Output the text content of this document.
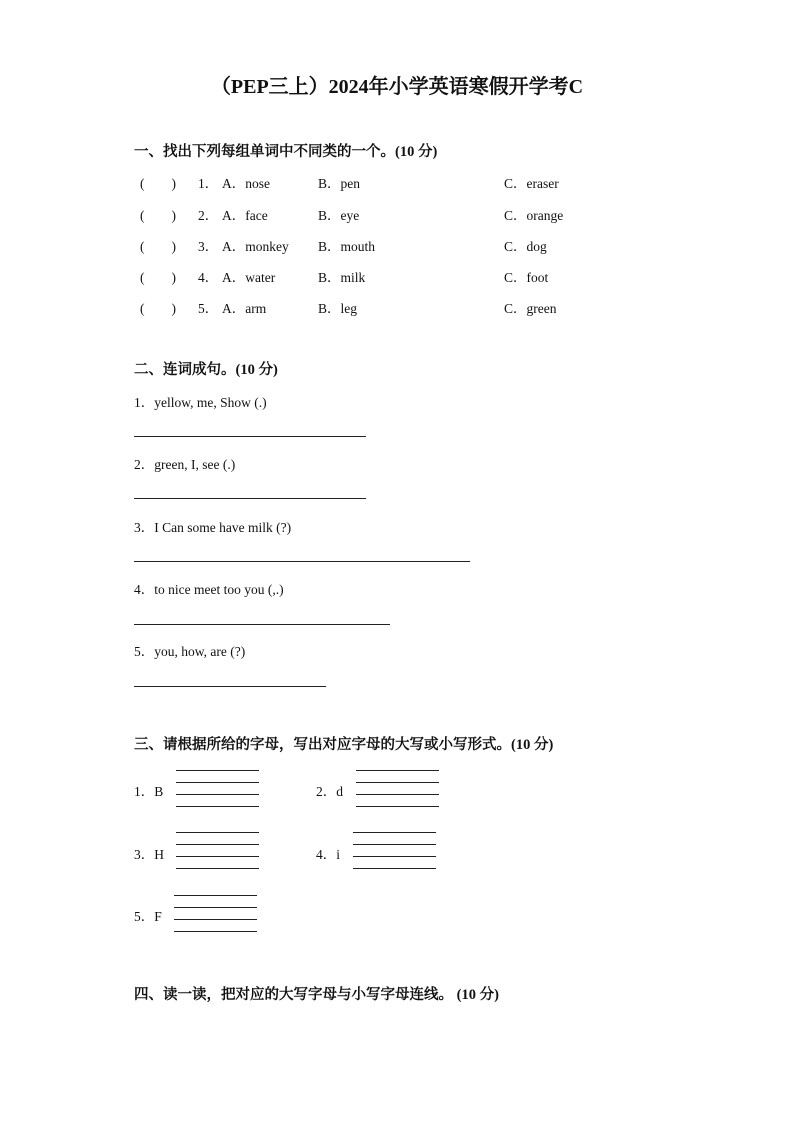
（PEP三上）2024年小学英语寒假开学考C
一、找出下列每组单词中不同类的一个。(10 分)
(　　) 1． A．nose	B．pen	C．eraser
(　　) 2． A．face	B．eye	C．orange
(　　) 3． A．monkey B．mouth	C．dog
(　　) 4． A．water	B．milk	C．foot
(　　) 5． A．arm	B．leg	C．green
二、连词成句。(10 分)
1．yellow, me, Show (.)
2．green, I, see (.)
3．I Can some have milk (?)
4．to nice meet too you (,.)
5．you, how, are (?)
三、请根据所给的字母，写出对应字母的大写或小写形式。(10 分)
1．B	2．d
3．H	4．i
5．F
四、读一读，把对应的大写字母与小写字母连线。 (10 分)
